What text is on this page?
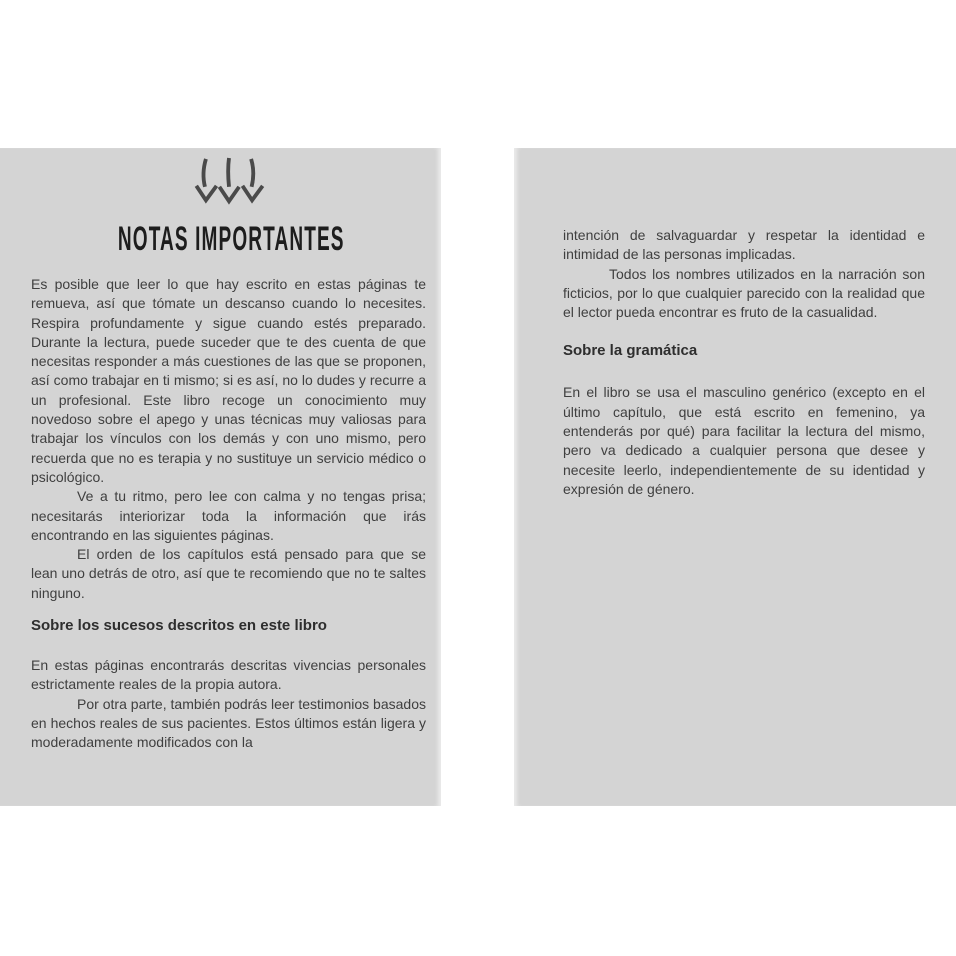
NOTAS IMPORTANTES

Es posible que leer lo que hay escrito en estas páginas te remueva, así que tómate un descanso cuando lo necesites. Respira profundamente y sigue cuando estés preparado. Durante la lectura, puede suceder que te des cuenta de que necesitas responder a más cuestiones de las que se proponen, así como trabajar en ti mismo; si es así, no lo dudes y recurre a un profesional. Este libro recoge un conocimiento muy novedoso sobre el apego y unas técnicas muy valiosas para trabajar los vínculos con los demás y con uno mismo, pero recuerda que no es terapia y no sustituye un servicio médico o psicológico.

Ve a tu ritmo, pero lee con calma y no tengas prisa; necesitarás interiorizar toda la información que irás encontrando en las siguientes páginas.

El orden de los capítulos está pensado para que se lean uno detrás de otro, así que te recomiendo que no te saltes ninguno.

Sobre los sucesos descritos en este libro

En estas páginas encontrarás descritas vivencias personales estrictamente reales de la propia autora.

Por otra parte, también podrás leer testimonios basados en hechos reales de sus pacientes. Estos últimos están ligera y moderadamente modificados con la

intención de salvaguardar y respetar la identidad e intimidad de las personas implicadas.

Todos los nombres utilizados en la narración son ficticios, por lo que cualquier parecido con la realidad que el lector pueda encontrar es fruto de la casualidad.

Sobre la gramática

En el libro se usa el masculino genérico (excepto en el último capítulo, que está escrito en femenino, ya entenderás por qué) para facilitar la lectura del mismo, pero va dedicado a cualquier persona que desee y necesite leerlo, independientemente de su identidad y expresión de género.
